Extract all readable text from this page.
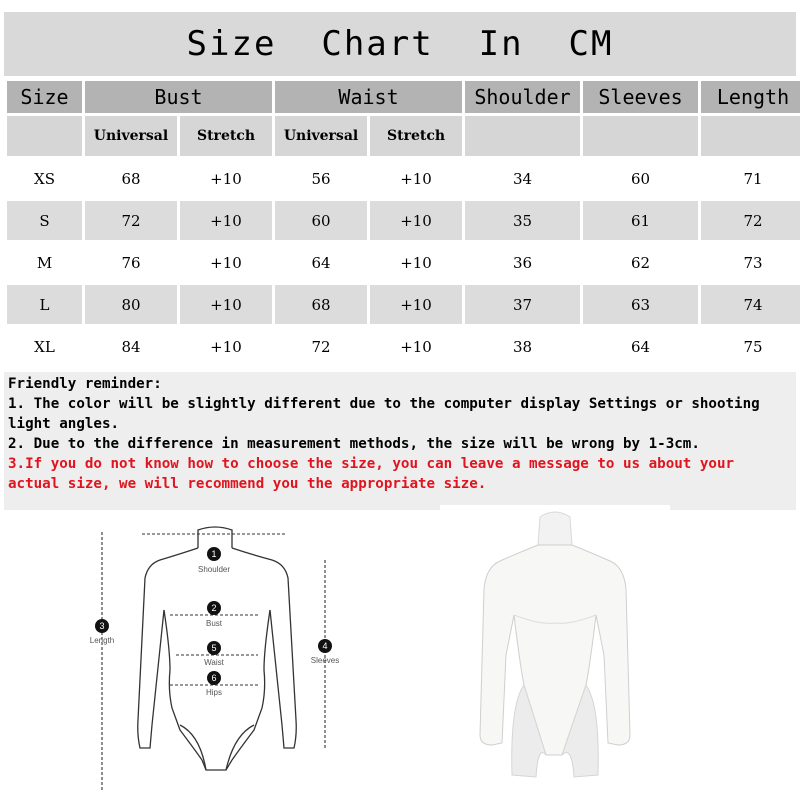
Size  Chart  In  CM
Size	Bust		Waist		Shoulder	Sleeves	Length
	Universal	Stretch	Universal	Stretch			
XS	68	+10	56	+10	34	60	71
S	72	+10	60	+10	35	61	72
M	76	+10	64	+10	36	62	73
L	80	+10	68	+10	37	63	74
XL	84	+10	72	+10	38	64	75
Friendly reminder:
1. The color will be slightly different due to the computer display Settings or shooting light angles.
2. Due to the difference in measurement methods, the size will be wrong by 1-3cm.
3.If you do not know how to choose the size, you can leave a message to us about your actual size, we will recommend you the appropriate size.
1
Shoulder
2
Bust
3
Length
5
Waist
4
Sleeves
6
Hips
